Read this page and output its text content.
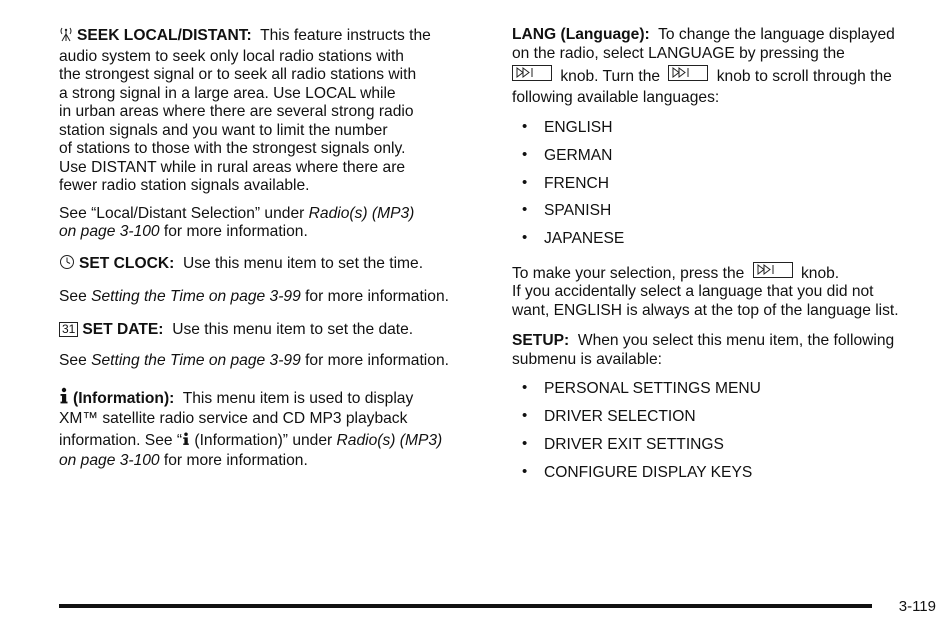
SEEK LOCAL/DISTANT: This feature instructs the

audio system to seek only local radio stations with

the strongest signal or to seek all radio stations with

a strong signal in a large area. Use LOCAL while

in urban areas where there are several strong radio

station signals and you want to limit the number

of stations to those with the strongest signals only.

Use DISTANT while in rural areas where there are

fewer radio station signals available.

See “Local/Distant Selection” under Radio(s) (MP3)

on page 3-100 for more information.

SET CLOCK: Use this menu item to set the time.

See Setting the Time on page 3-99 for more information.

31 SET DATE: Use this menu item to set the date.

See Setting the Time on page 3-99 for more information.

(Information): This menu item is used to display

XM™ satellite radio service and CD MP3 playback

information. See “ (Information)” under Radio(s) (MP3)

on page 3-100 for more information.

LANG (Language): To change the language displayed

on the radio, select LANGUAGE by pressing the

knob. Turn the	knob to scroll through the

following available languages:

• ENGLISH
• GERMAN
• FRENCH
• SPANISH
• JAPANESE

To make your selection, press the	knob.

If you accidentally select a language that you did not

want, ENGLISH is always at the top of the language list.

SETUP: When you select this menu item, the following

submenu is available:

• PERSONAL SETTINGS MENU
• DRIVER SELECTION
• DRIVER EXIT SETTINGS
• CONFIGURE DISPLAY KEYS
3-119
